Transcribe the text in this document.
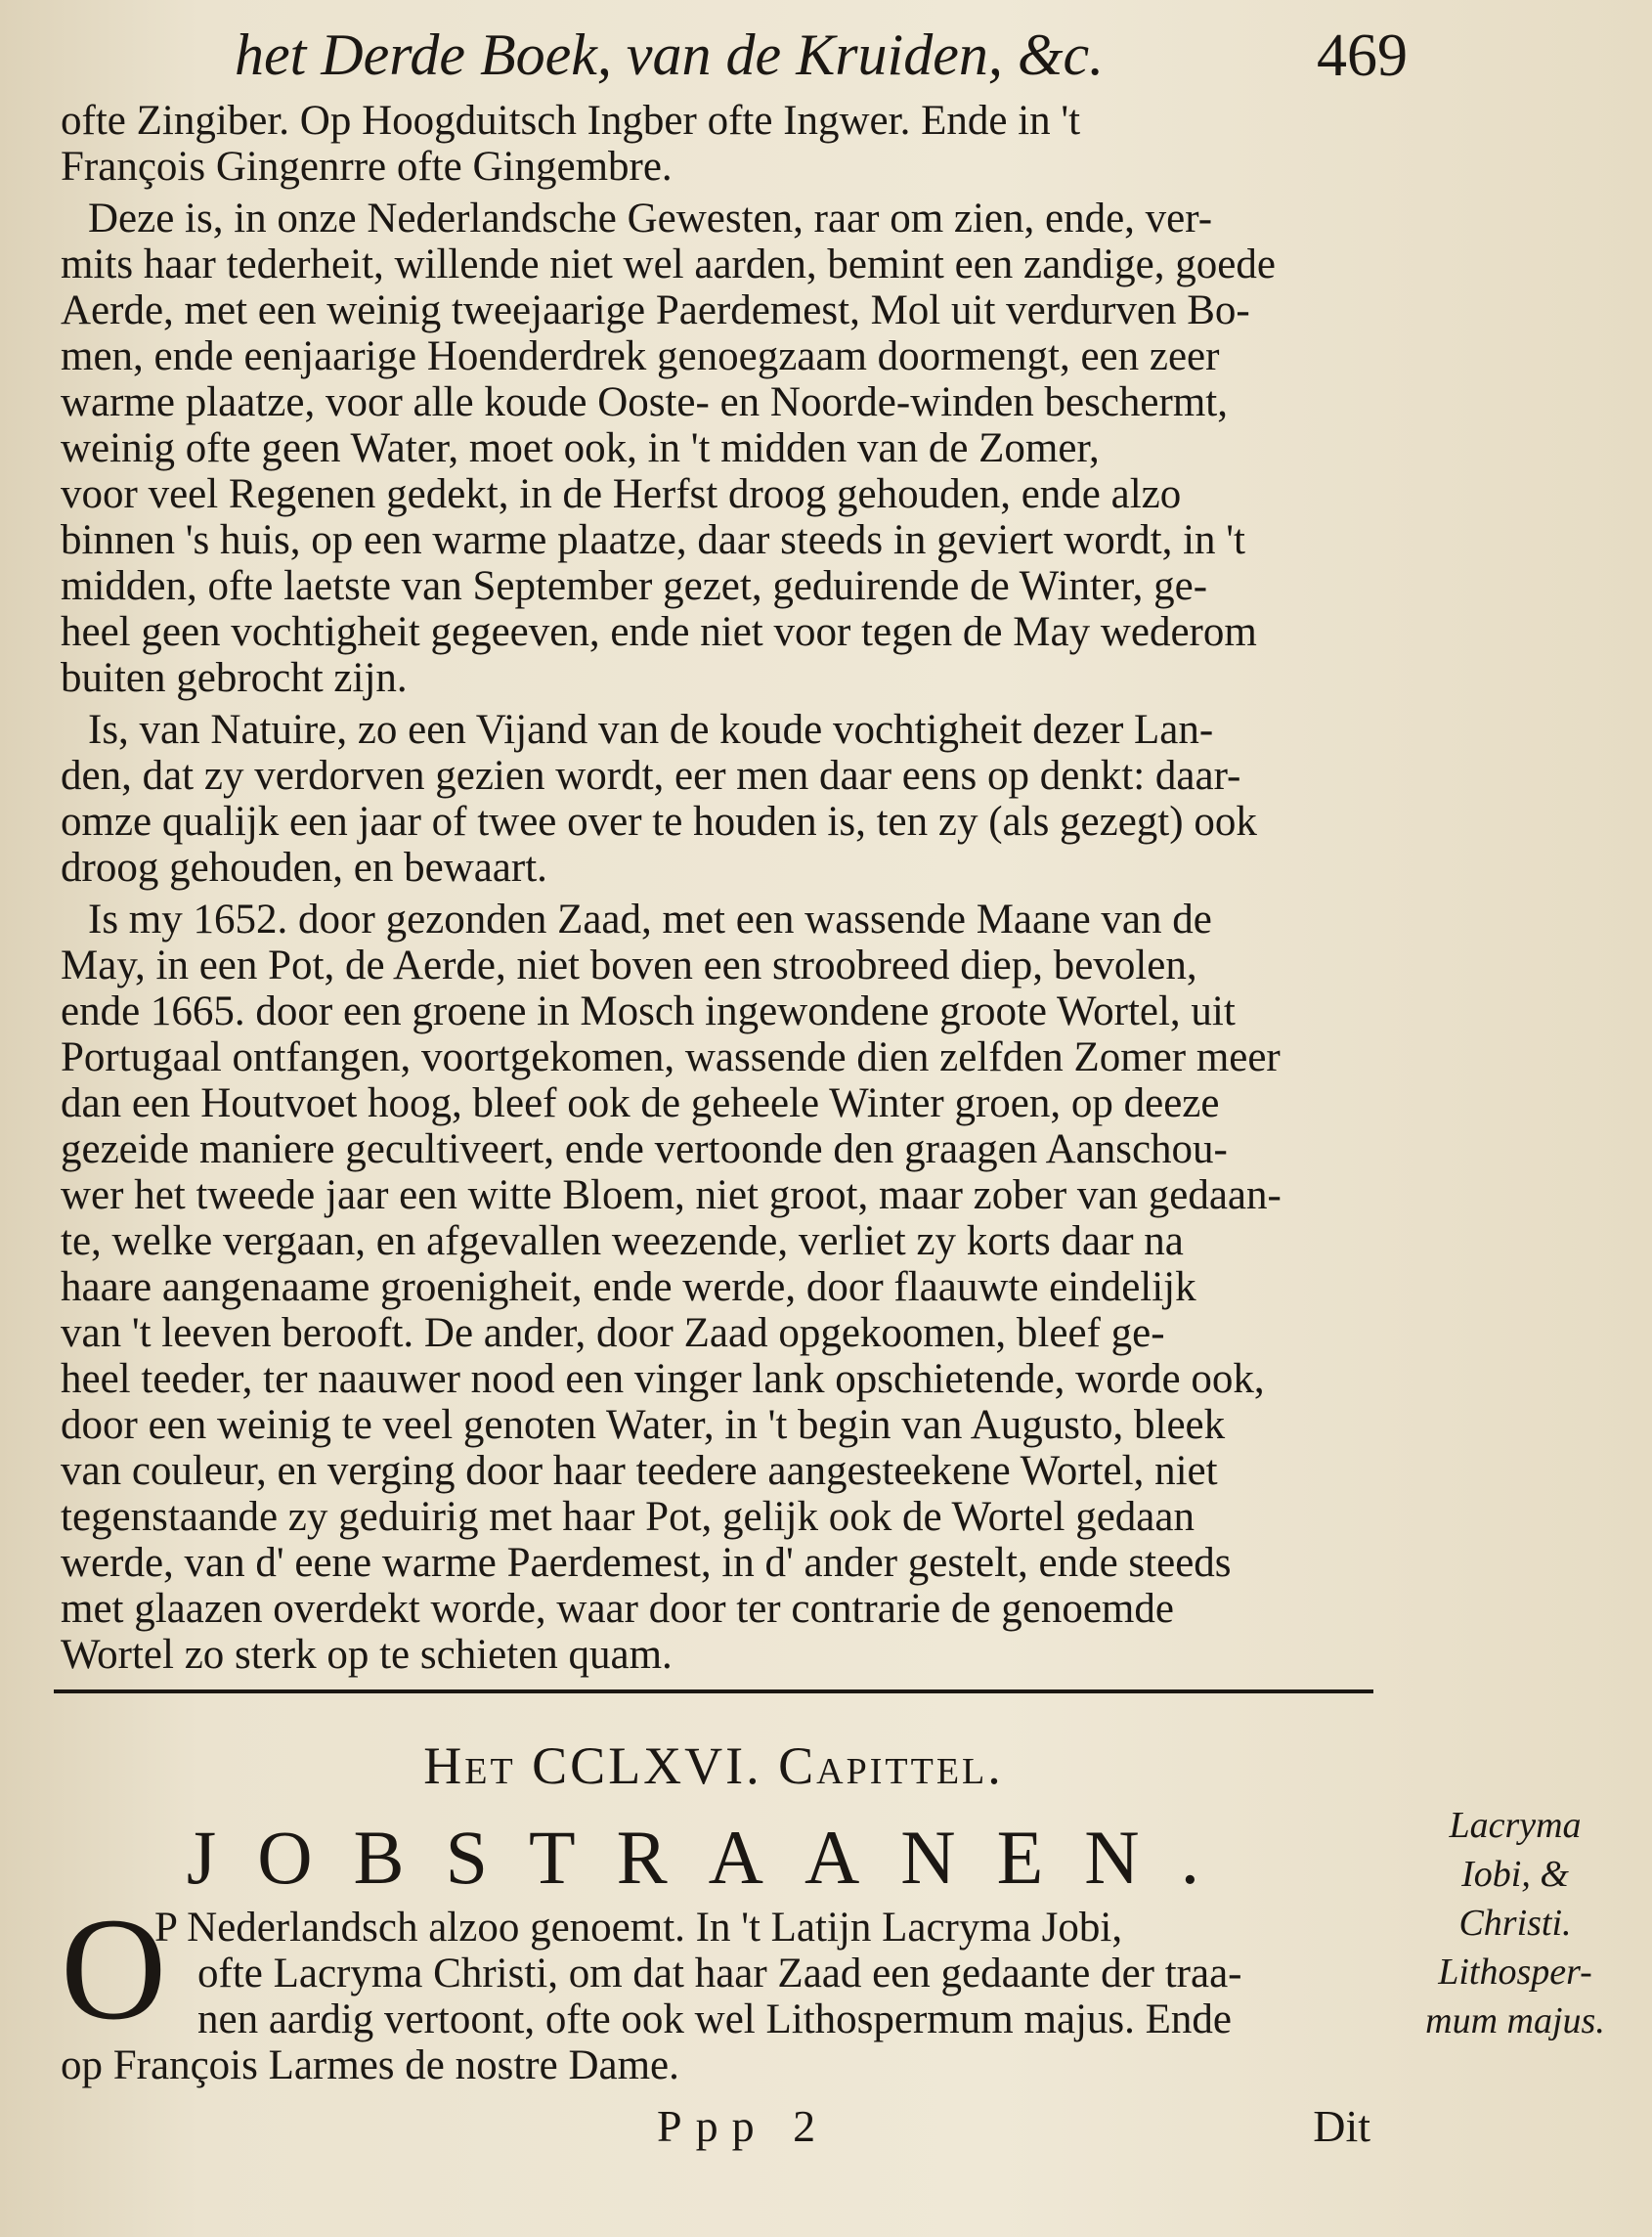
het Derde Boek, van de Kruiden, &c.	469
ofte Zingiber. Op Hoogduitsch Ingber ofte Ingwer. Ende in 't
François Gingenrre ofte Gingembre.
Deze is, in onze Nederlandsche Gewesten, raar om zien, ende, ver-
mits haar tederheit, willende niet wel aarden, bemint een zandige, goede
Aerde, met een weinig tweejaarige Paerdemest, Mol uit verdurven Bo-
men, ende eenjaarige Hoenderdrek genoegzaam doormengt, een zeer
warme plaatze, voor alle koude Ooste- en Noorde-winden beschermt,
weinig ofte geen Water, moet ook, in 't midden van de Zomer,
voor veel Regenen gedekt, in de Herfst droog gehouden, ende alzo
binnen 's huis, op een warme plaatze, daar steeds in geviert wordt, in 't
midden, ofte laetste van September gezet, geduirende de Winter, ge-
heel geen vochtigheit gegeeven, ende niet voor tegen de May wederom
buiten gebrocht zijn.
Is, van Natuire, zo een Vijand van de koude vochtigheit dezer Lan-
den, dat zy verdorven gezien wordt, eer men daar eens op denkt: daar-
omze qualijk een jaar of twee over te houden is, ten zy (als gezegt) ook
droog gehouden, en bewaart.
Is my 1652. door gezonden Zaad, met een wassende Maane van de
May, in een Pot, de Aerde, niet boven een stroobreed diep, bevolen,
ende 1665. door een groene in Mosch ingewondene groote Wortel, uit
Portugaal ontfangen, voortgekomen, wassende dien zelfden Zomer meer
dan een Houtvoet hoog, bleef ook de geheele Winter groen, op deeze
gezeide maniere gecultiveert, ende vertoonde den graagen Aanschou-
wer het tweede jaar een witte Bloem, niet groot, maar zober van gedaan-
te, welke vergaan, en afgevallen weezende, verliet zy korts daar na
haare aangenaame groenigheit, ende werde, door flaauwte eindelijk
van 't leeven berooft. De ander, door Zaad opgekoomen, bleef ge-
heel teeder, ter naauwer nood een vinger lank opschietende, worde ook,
door een weinig te veel genoten Water, in 't begin van Augusto, bleek
van couleur, en verging door haar teedere aangesteekene Wortel, niet
tegenstaande zy geduirig met haar Pot, gelijk ook de Wortel gedaan
werde, van d' eene warme Paerdemest, in d' ander gestelt, ende steeds
met glaazen overdekt worde, waar door ter contrarie de genoemde
Wortel zo sterk op te schieten quam.
Het CCLXVI. Capittel.
JOBSTRAANEN.
O
P Nederlandsch alzoo genoemt. In 't Latijn Lacryma Jobi,
ofte Lacryma Christi, om dat haar Zaad een gedaante der traa-
nen aardig vertoont, ofte ook wel Lithospermum majus. Ende
op François Larmes de nostre Dame.
Lacryma
Iobi, &
Christi.
Lithosper-
mum majus.
Ppp 2	Dit
